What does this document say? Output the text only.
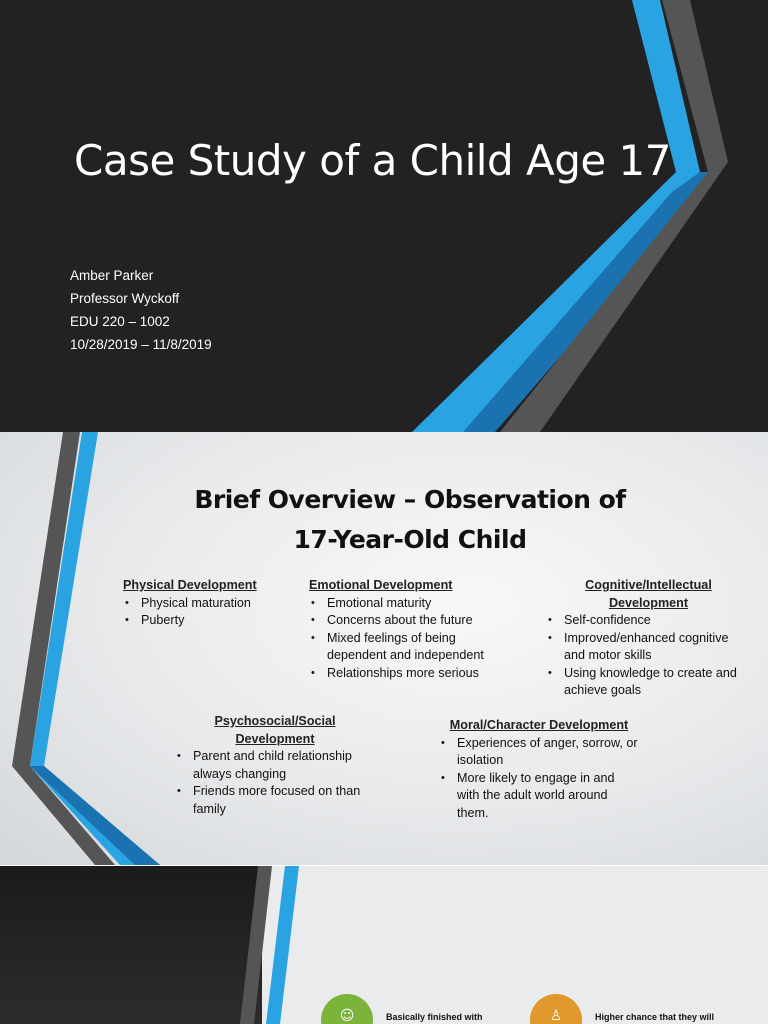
Case Study of a Child Age 17
Amber Parker
Professor Wyckoff
EDU 220 – 1002
10/28/2019 – 11/8/2019
Brief Overview – Observation of
17-Year-Old Child
Physical Development
• Physical maturation
• Puberty
Emotional Development
• Emotional maturity
• Concerns about the future
• Mixed feelings of being dependent and independent
• Relationships more serious
Cognitive/Intellectual
Development
• Self-confidence
• Improved/enhanced cognitive and motor skills
• Using knowledge to create and achieve goals
Psychosocial/Social
Development
• Parent and child relationship always changing
• Friends more focused on than family
Moral/Character Development
• Experiences of anger, sorrow, or isolation
• More likely to engage in and with the adult world around them.
☺	Basically finished with	♙	Higher chance that they will
